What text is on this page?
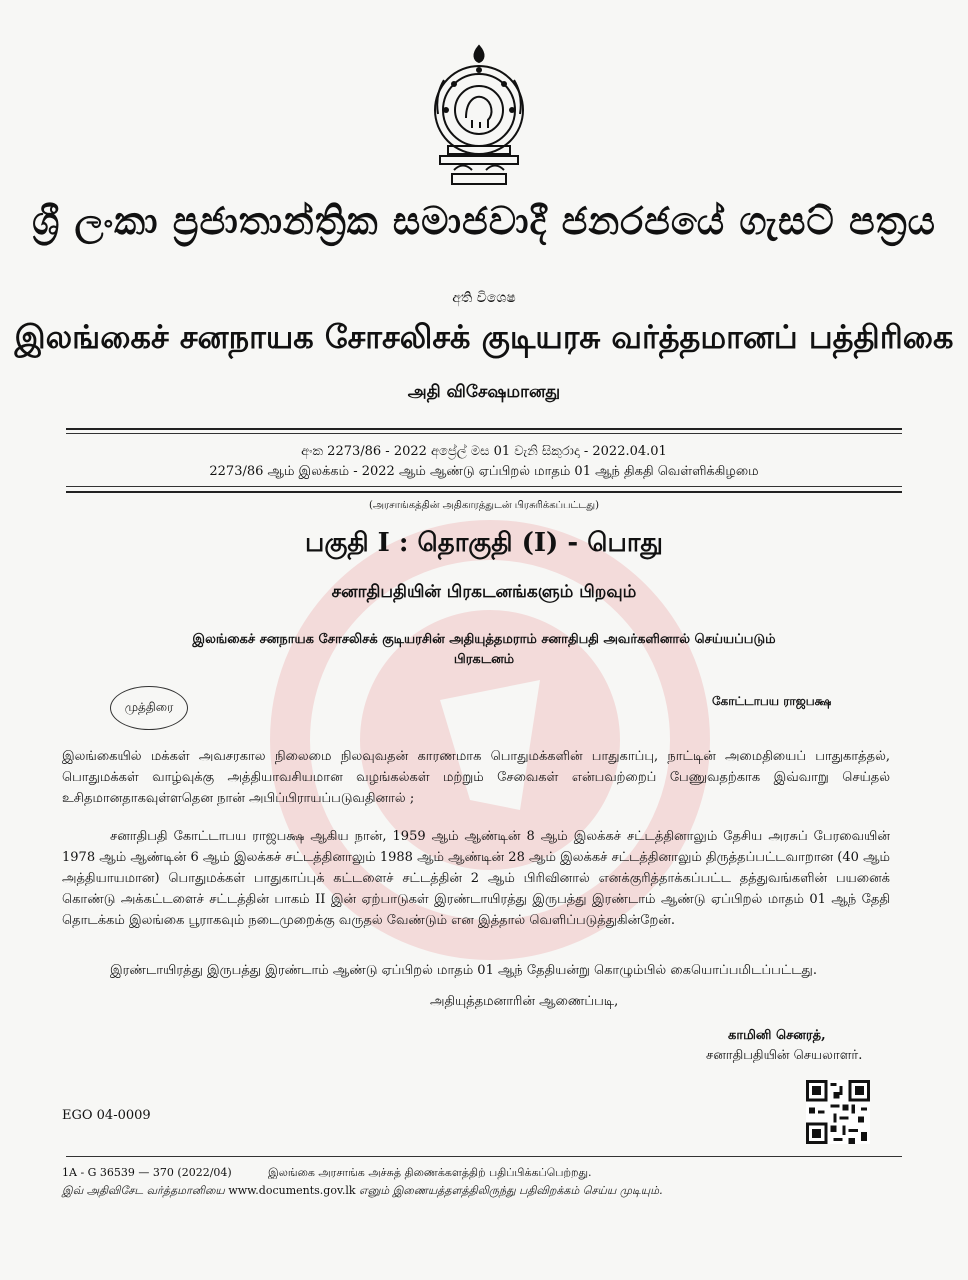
ශ්‍රී ලංකා ප්‍රජාතාන්ත්‍රික සමාජවාදී ජනරජයේ ගැසට් පත්‍රය
අති විශෙෂ
இலங்கைச் சனநாயக சோசலிசக் குடியரசு வர்த்தமானப் பத்திரிகை
அதி விசேஷமானது
අංක 2273/86 - 2022 අප්‍රේල් මස 01 වැනි සිකුරාදා - 2022.04.01
2273/86 ஆம் இலக்கம் - 2022 ஆம் ஆண்டு ஏப்பிறல் மாதம் 01 ஆந் திகதி வெள்ளிக்கிழமை
(அரசாங்கத்தின் அதிகாரத்துடன் பிரசுரிக்கப்பட்டது)
பகுதி I : தொகுதி (I) - பொது
சனாதிபதியின் பிரகடனங்களும் பிறவும்
இலங்கைச் சனநாயக சோசலிசக் குடியரசின் அதியுத்தமராம் சனாதிபதி அவர்களினால் செய்யப்படும்
பிரகடனம்
முத்திரை	கோட்டாபய ராஜபக்ஷ
இலங்கையில் மக்கள் அவசரகால நிலைமை நிலவுவதன் காரணமாக பொதுமக்களின் பாதுகாப்பு, நாட்டின் அமைதியைப் பாதுகாத்தல், பொதுமக்கள் வாழ்வுக்கு அத்தியாவசியமான வழங்கல்கள் மற்றும் சேவைகள் என்பவற்றைப் பேணுவதற்காக இவ்வாறு செய்தல் உசிதமானதாகவுள்ளதென நான் அபிப்பிராயப்படுவதினால் ;
சனாதிபதி கோட்டாபய ராஜபக்ஷ ஆகிய நான், 1959 ஆம் ஆண்டின் 8 ஆம் இலக்கச் சட்டத்தினாலும் தேசிய அரசுப் பேரவையின் 1978 ஆம் ஆண்டின் 6 ஆம் இலக்கச் சட்டத்தினாலும் 1988 ஆம் ஆண்டின் 28 ஆம் இலக்கச் சட்டத்தினாலும் திருத்தப்பட்டவாறான (40 ஆம் அத்தியாயமான) பொதுமக்கள் பாதுகாப்புக் கட்டளைச் சட்டத்தின் 2 ஆம் பிரிவினால் எனக்குரித்தாக்கப்பட்ட தத்துவங்களின் பயனைக் கொண்டு அக்கட்டளைச் சட்டத்தின் பாகம் II இன் ஏற்பாடுகள் இரண்டாயிரத்து இருபத்து இரண்டாம் ஆண்டு ஏப்பிறல் மாதம் 01 ஆந் தேதி தொடக்கம் இலங்கை பூராகவும் நடைமுறைக்கு வருதல் வேண்டும் என இத்தால் வெளிப்படுத்துகின்றேன்.
இரண்டாயிரத்து இருபத்து இரண்டாம் ஆண்டு ஏப்பிறல் மாதம் 01 ஆந் தேதியன்று கொழும்பில் கையொப்பமிடப்பட்டது.
அதியுத்தமனாரின் ஆணைப்படி,
காமினி செனரத்,
சனாதிபதியின் செயலாளர்.
EGO 04-0009
1A - G 36539 — 370 (2022/04)	இலங்கை அரசாங்க அச்சுத் திணைக்களத்திற் பதிப்பிக்கப்பெற்றது.
இவ் அதிவிசேட வர்த்தமானியை www.documents.gov.lk எனும் இணையத்தளத்திலிருந்து பதிவிறக்கம் செய்ய முடியும்.
